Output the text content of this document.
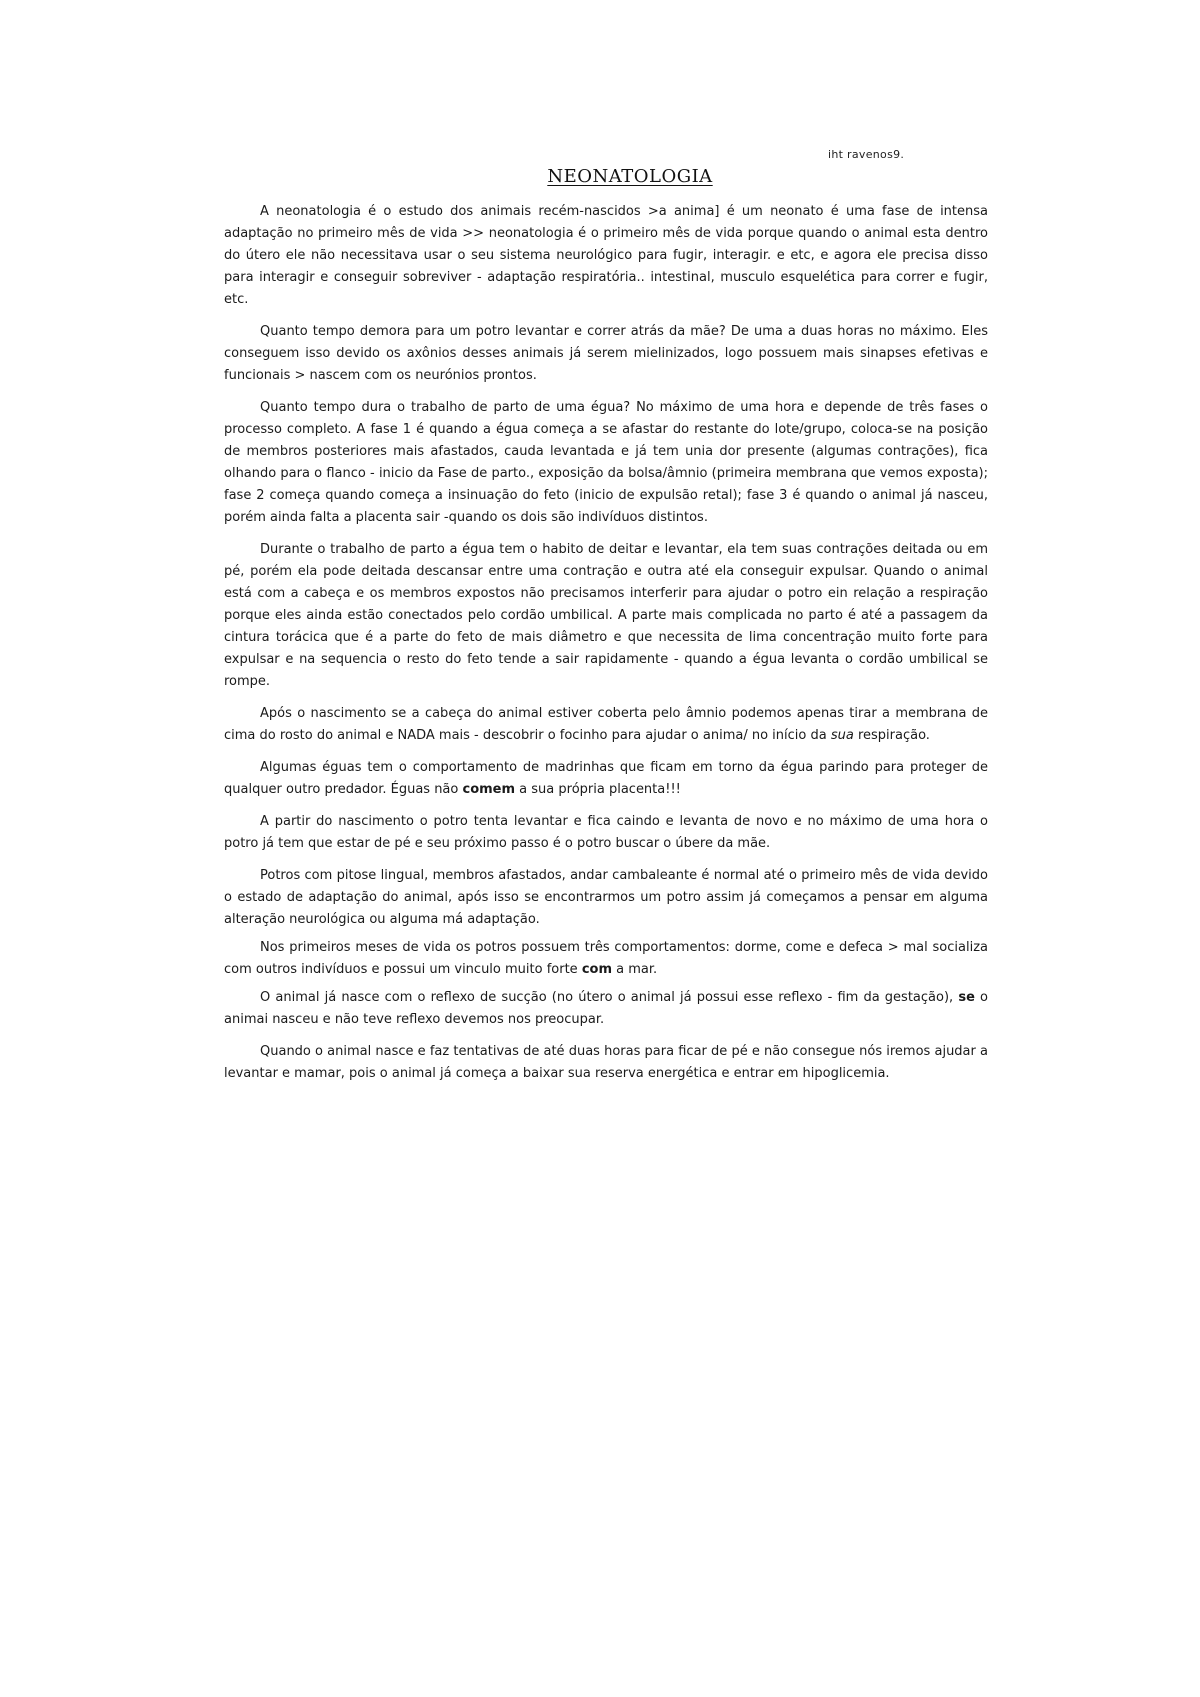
iht ravenos9.
NEONATOLOGIA

A neonatologia é o estudo dos animais recém-nascidos >a anima] é um neonato é uma fase de intensa adaptação no primeiro mês de vida >> neonatologia é o primeiro mês de vida porque quando o animal esta dentro do útero ele não necessitava usar o seu sistema neurológico para fugir, interagir. e etc, e agora ele precisa disso para interagir e conseguir sobreviver - adaptação respiratória.. intestinal, musculo esquelética para correr e fugir, etc.

Quanto tempo demora para um potro levantar e correr atrás da mãe? De uma a duas horas no máximo. Eles conseguem isso devido os axônios desses animais já serem mielinizados, logo possuem mais sinapses efetivas e funcionais > nascem com os neurónios prontos.

Quanto tempo dura o trabalho de parto de uma égua? No máximo de uma hora e depende de três fases o processo completo. A fase 1 é quando a égua começa a se afastar do restante do lote/grupo, coloca-se na posição de membros posteriores mais afastados, cauda levantada e já tem unia dor presente (algumas contrações), fica olhando para o flanco - inicio da Fase de parto., exposição da bolsa/âmnio (primeira membrana que vemos exposta); fase 2 começa quando começa a insinuação do feto (inicio de expulsão retal); fase 3 é quando o animal já nasceu, porém ainda falta a placenta sair -quando os dois são indivíduos distintos.

Durante o trabalho de parto a égua tem o habito de deitar e levantar, ela tem suas contrações deitada ou em pé, porém ela pode deitada descansar entre uma contração e outra até ela conseguir expulsar. Quando o animal está com a cabeça e os membros expostos não precisamos interferir para ajudar o potro ein relação a respiração porque eles ainda estão conectados pelo cordão umbilical. A parte mais complicada no parto é até a passagem da cintura torácica que é a parte do feto de mais diâmetro e que necessita de lima concentração muito forte para expulsar e na sequencia o resto do feto tende a sair rapidamente - quando a égua levanta o cordão umbilical se rompe.

Após o nascimento se a cabeça do animal estiver coberta pelo âmnio podemos apenas tirar a membrana de cima do rosto do animal e NADA mais - descobrir o focinho para ajudar o anima/ no início da sua respiração.

Algumas éguas tem o comportamento de madrinhas que ficam em torno da égua parindo para proteger de qualquer outro predador. Éguas não comem a sua própria placenta!!!

A partir do nascimento o potro tenta levantar e fica caindo e levanta de novo e no máximo de uma hora o potro já tem que estar de pé e seu próximo passo é o potro buscar o úbere da mãe.

Potros com pitose lingual, membros afastados, andar cambaleante é normal até o primeiro mês de vida devido o estado de adaptação do animal, após isso se encontrarmos um potro assim já começamos a pensar em alguma alteração neurológica ou alguma má adaptação.

Nos primeiros meses de vida os potros possuem três comportamentos: dorme, come e defeca > mal socializa com outros indivíduos e possui um vinculo muito forte com a mar.

O animal já nasce com o reflexo de sucção (no útero o animal já possui esse reflexo - fim da gestação), se o animai nasceu e não teve reflexo devemos nos preocupar.

Quando o animal nasce e faz tentativas de até duas horas para ficar de pé e não consegue nós iremos ajudar a levantar e mamar, pois o animal já começa a baixar sua reserva energética e entrar em hipoglicemia.
